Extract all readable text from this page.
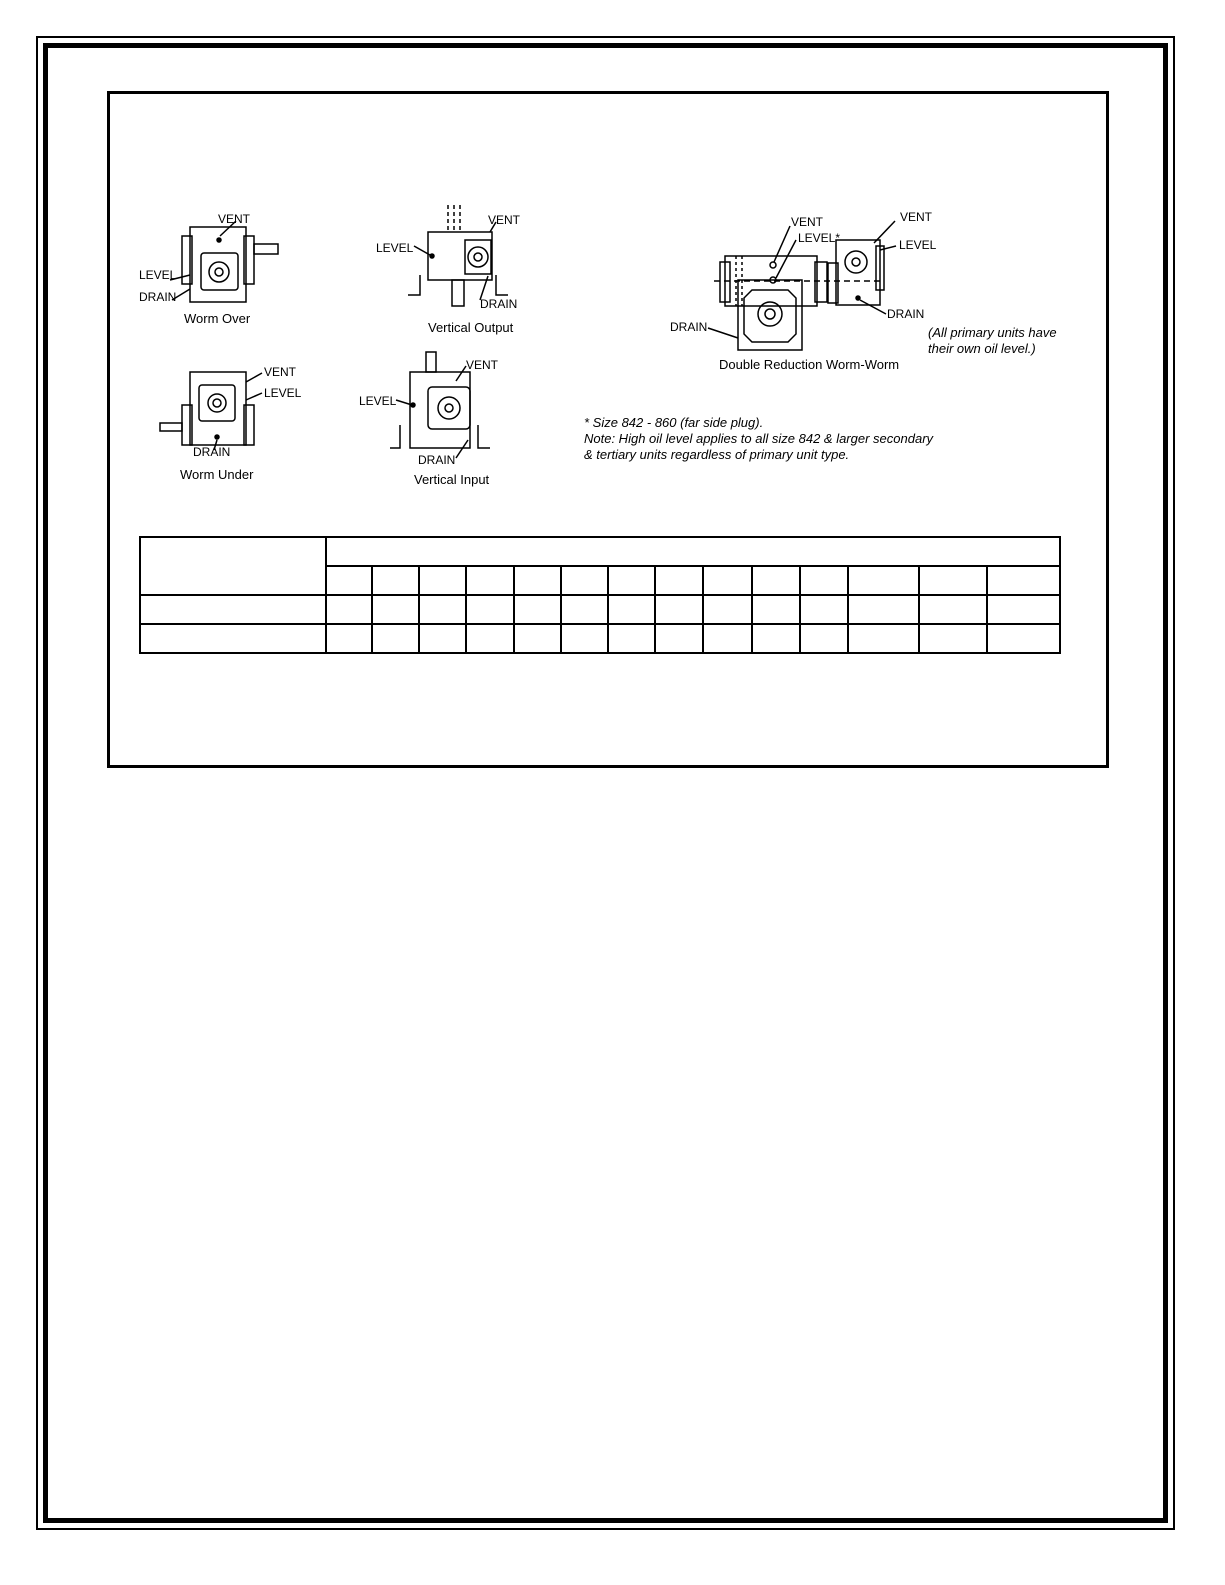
VENT
LEVEL
DRAIN
Worm Over
VENT
LEVEL
DRAIN
Worm Under
VENT
LEVEL
DRAIN
Vertical Output
VENT
LEVEL
DRAIN
Vertical Input
VENT
LEVEL*
DRAIN
VENT
LEVEL
DRAIN
Double Reduction Worm-Worm
(All primary units have
their own oil level.)
* Size 842 - 860 (far side plug).
Note: High oil level applies to all size 842 & larger secondary
& tertiary units regardless of primary unit type.
